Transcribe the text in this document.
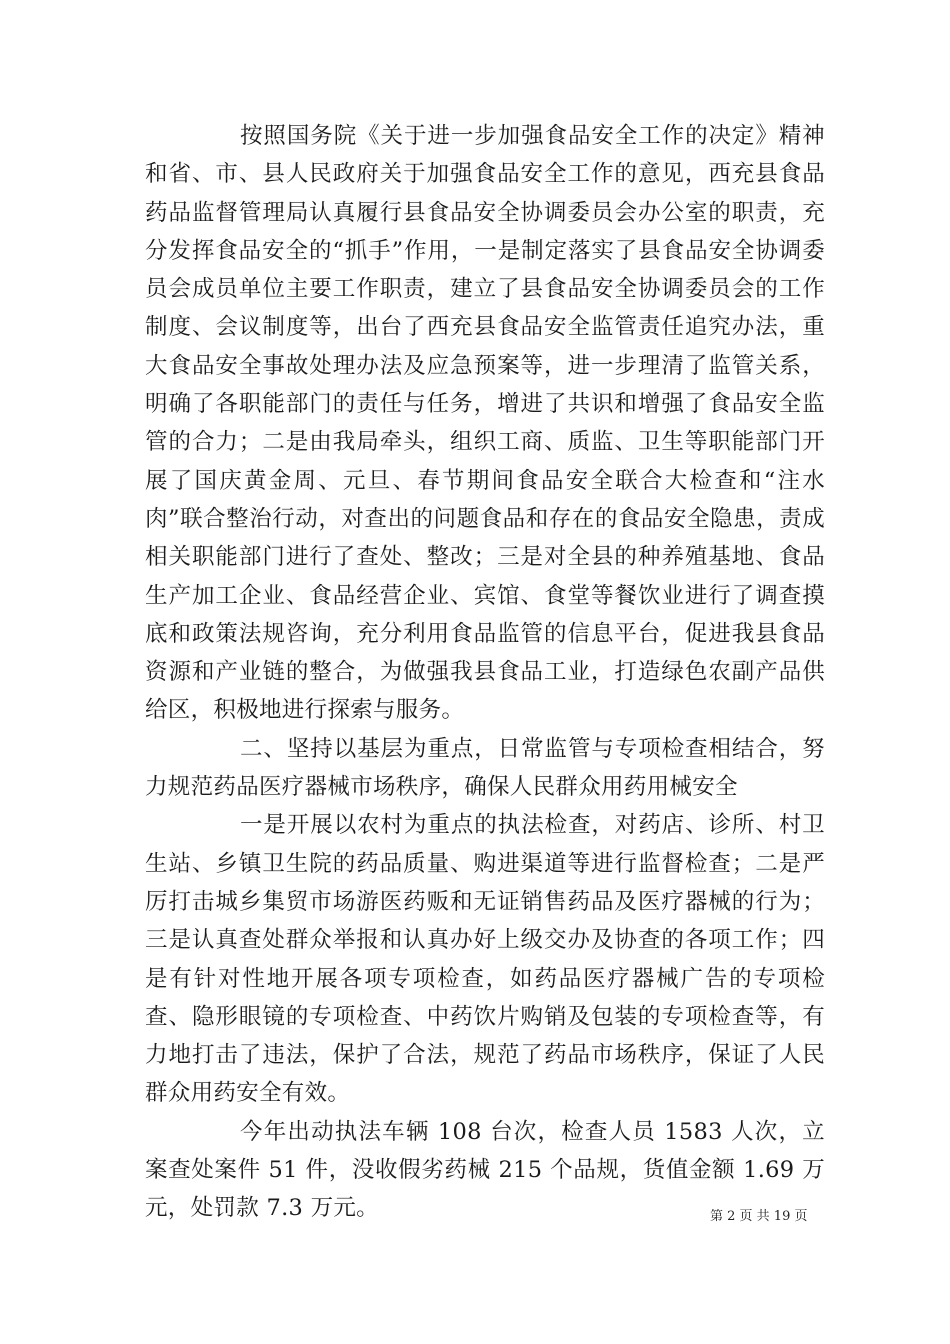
按照国务院《关于进一步加强食品安全工作的决定》精神和省、市、县人民政府关于加强食品安全工作的意见，西充县食品药品监督管理局认真履行县食品安全协调委员会办公室的职责，充分发挥食品安全的“抓手”作用，一是制定落实了县食品安全协调委员会成员单位主要工作职责，建立了县食品安全协调委员会的工作制度、会议制度等，出台了西充县食品安全监管责任追究办法，重大食品安全事故处理办法及应急预案等，进一步理清了监管关系，明确了各职能部门的责任与任务，增进了共识和增强了食品安全监管的合力；二是由我局牵头，组织工商、质监、卫生等职能部门开展了国庆黄金周、元旦、春节期间食品安全联合大检查和“注水肉”联合整治行动，对查出的问题食品和存在的食品安全隐患，责成相关职能部门进行了查处、整改；三是对全县的种养殖基地、食品生产加工企业、食品经营企业、宾馆、食堂等餐饮业进行了调查摸底和政策法规咨询，充分利用食品监管的信息平台，促进我县食品资源和产业链的整合，为做强我县食品工业，打造绿色农副产品供给区，积极地进行探索与服务。

二、坚持以基层为重点，日常监管与专项检查相结合，努力规范药品医疗器械市场秩序，确保人民群众用药用械安全

一是开展以农村为重点的执法检查，对药店、诊所、村卫生站、乡镇卫生院的药品质量、购进渠道等进行监督检查；二是严厉打击城乡集贸市场游医药贩和无证销售药品及医疗器械的行为；三是认真查处群众举报和认真办好上级交办及协查的各项工作；四是有针对性地开展各项专项检查，如药品医疗器械广告的专项检查、隐形眼镜的专项检查、中药饮片购销及包装的专项检查等，有力地打击了违法，保护了合法，规范了药品市场秩序，保证了人民群众用药安全有效。

今年出动执法车辆 108 台次，检查人员 1583 人次，立案查处案件 51 件，没收假劣药械 215 个品规，货值金额 1.69 万元，处罚款 7.3 万元。	第 2 页 共 19 页
